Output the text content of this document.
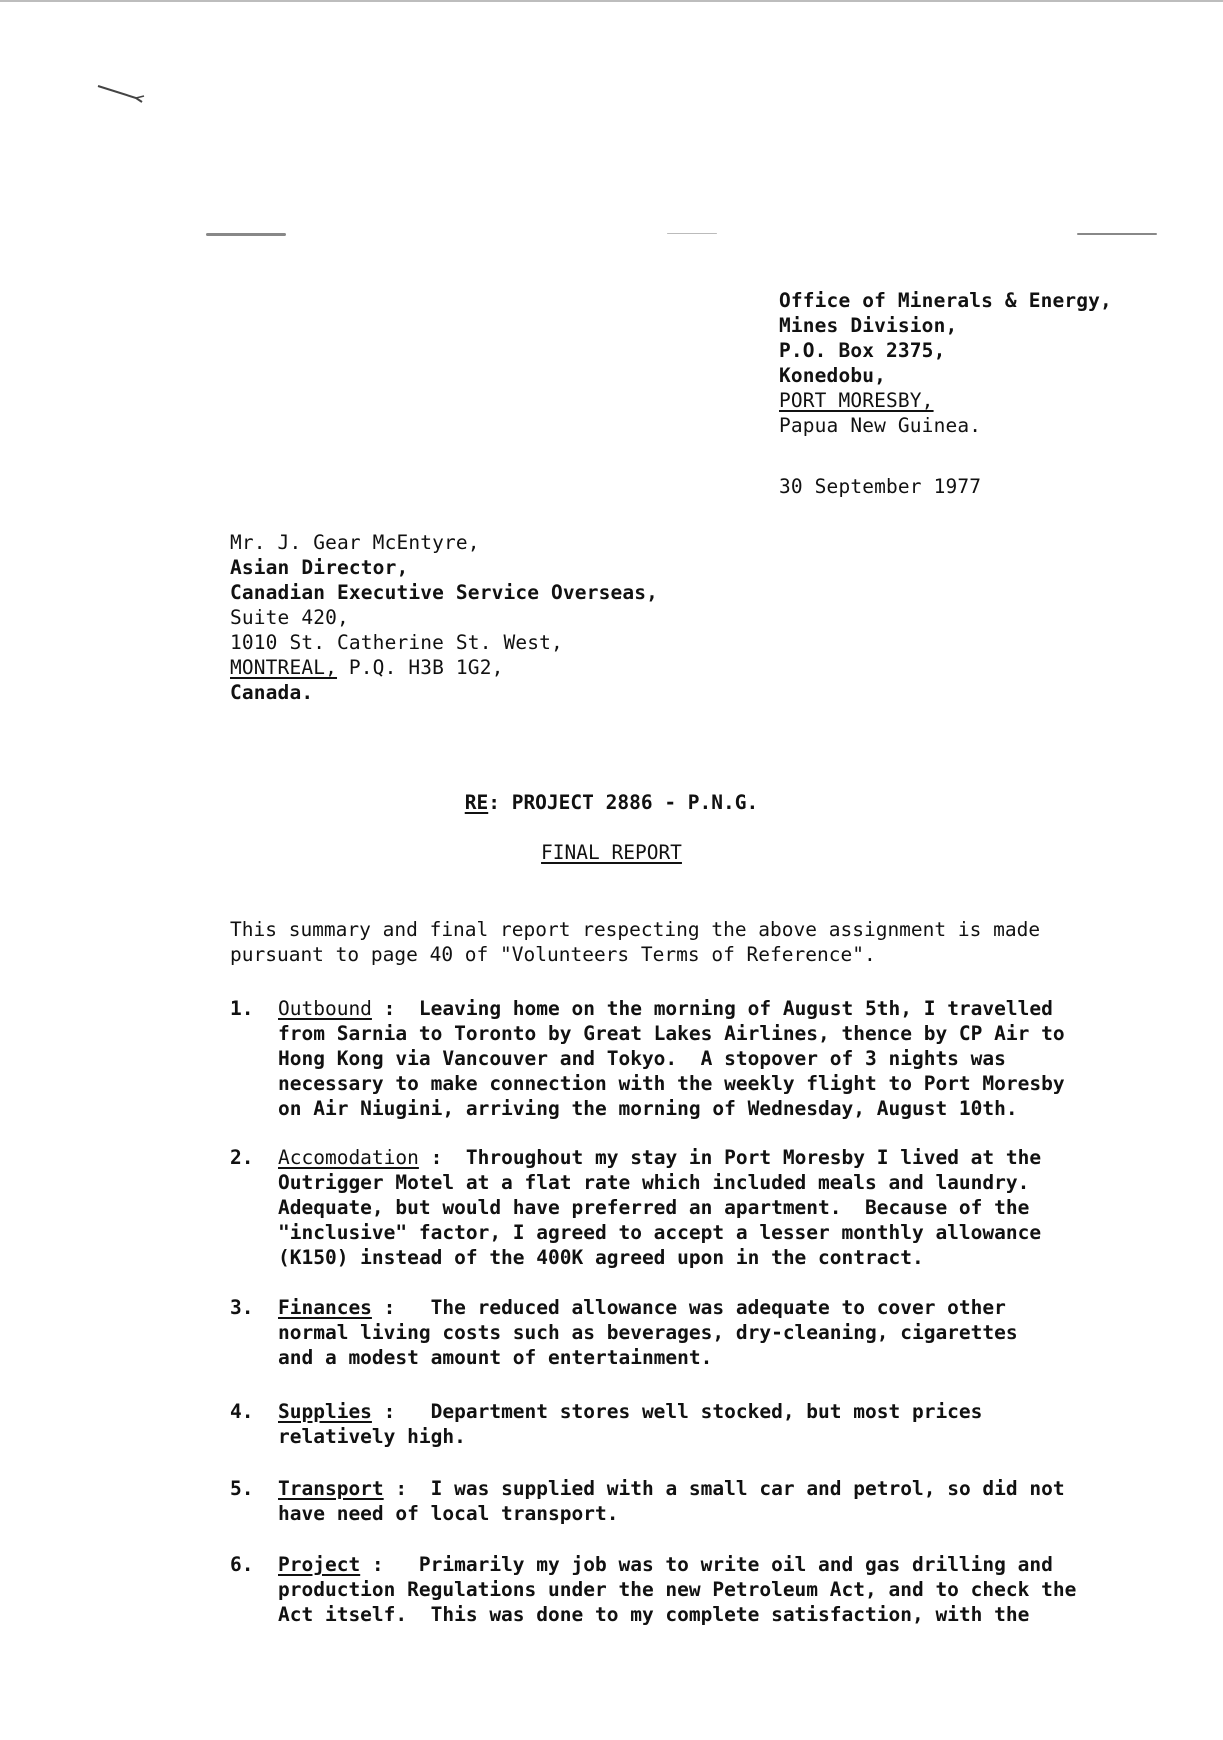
Office of Minerals & Energy,
Mines Division,
P.O. Box 2375,
Konedobu,
PORT MORESBY,
Papua New Guinea.
30 September 1977
Mr. J. Gear McEntyre,
Asian Director,
Canadian Executive Service Overseas,
Suite 420,
1010 St. Catherine St. West,
MONTREAL, P.Q. H3B 1G2,
Canada.
RE: PROJECT 2886 - P.N.G.
FINAL REPORT
This summary and final report respecting the above assignment is made
pursuant to page 40 of "Volunteers Terms of Reference".
1. Outbound :  Leaving home on the morning of August 5th, I travelled
from Sarnia to Toronto by Great Lakes Airlines, thence by CP Air to
Hong Kong via Vancouver and Tokyo.  A stopover of 3 nights was
necessary to make connection with the weekly flight to Port Moresby
on Air Niugini, arriving the morning of Wednesday, August 10th.
2. Accomodation :  Throughout my stay in Port Moresby I lived at the
Outrigger Motel at a flat rate which included meals and laundry.
Adequate, but would have preferred an apartment.  Because of the
"inclusive" factor, I agreed to accept a lesser monthly allowance
(K150) instead of the 400K agreed upon in the contract.
3. Finances :   The reduced allowance was adequate to cover other
normal living costs such as beverages, dry-cleaning, cigarettes
and a modest amount of entertainment.
4. Supplies :   Department stores well stocked, but most prices
relatively high.
5. Transport :  I was supplied with a small car and petrol, so did not
have need of local transport.
6. Project :   Primarily my job was to write oil and gas drilling and
production Regulations under the new Petroleum Act, and to check the
Act itself.  This was done to my complete satisfaction, with the
